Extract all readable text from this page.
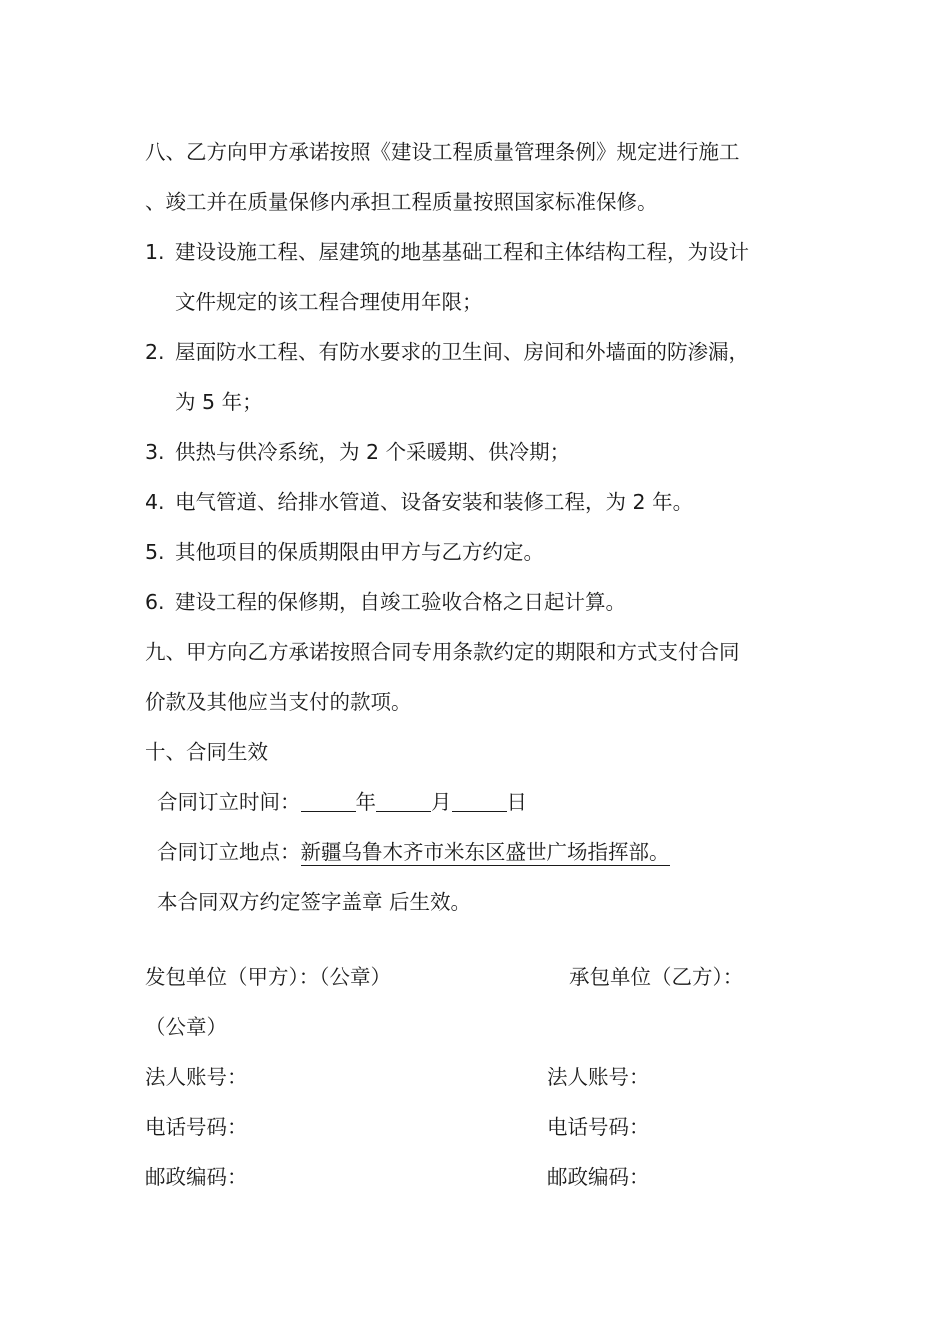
八、乙方向甲方承诺按照《建设工程质量管理条例》规定进行施工
、竣工并在质量保修内承担工程质量按照国家标准保修。
1. 建设设施工程、屋建筑的地基基础工程和主体结构工程，为设计
文件规定的该工程合理使用年限；
2. 屋面防水工程、有防水要求的卫生间、房间和外墙面的防渗漏，
为 5 年；
3. 供热与供冷系统，为 2 个采暖期、供冷期；
4. 电气管道、给排水管道、设备安装和装修工程，为 2 年。
5. 其他项目的保质期限由甲方与乙方约定。
6. 建设工程的保修期，自竣工验收合格之日起计算。
九、甲方向乙方承诺按照合同专用条款约定的期限和方式支付合同
价款及其他应当支付的款项。
十、合同生效
合同订立时间：	年	月	日
合同订立地点：新疆乌鲁木齐市米东区盛世广场指挥部。
本合同双方约定签字盖章 后生效。
发包单位（甲方）：（公章）	承包单位（乙方）：
（公章）
法人账号：	法人账号：
电话号码：	电话号码：
邮政编码：	邮政编码：
